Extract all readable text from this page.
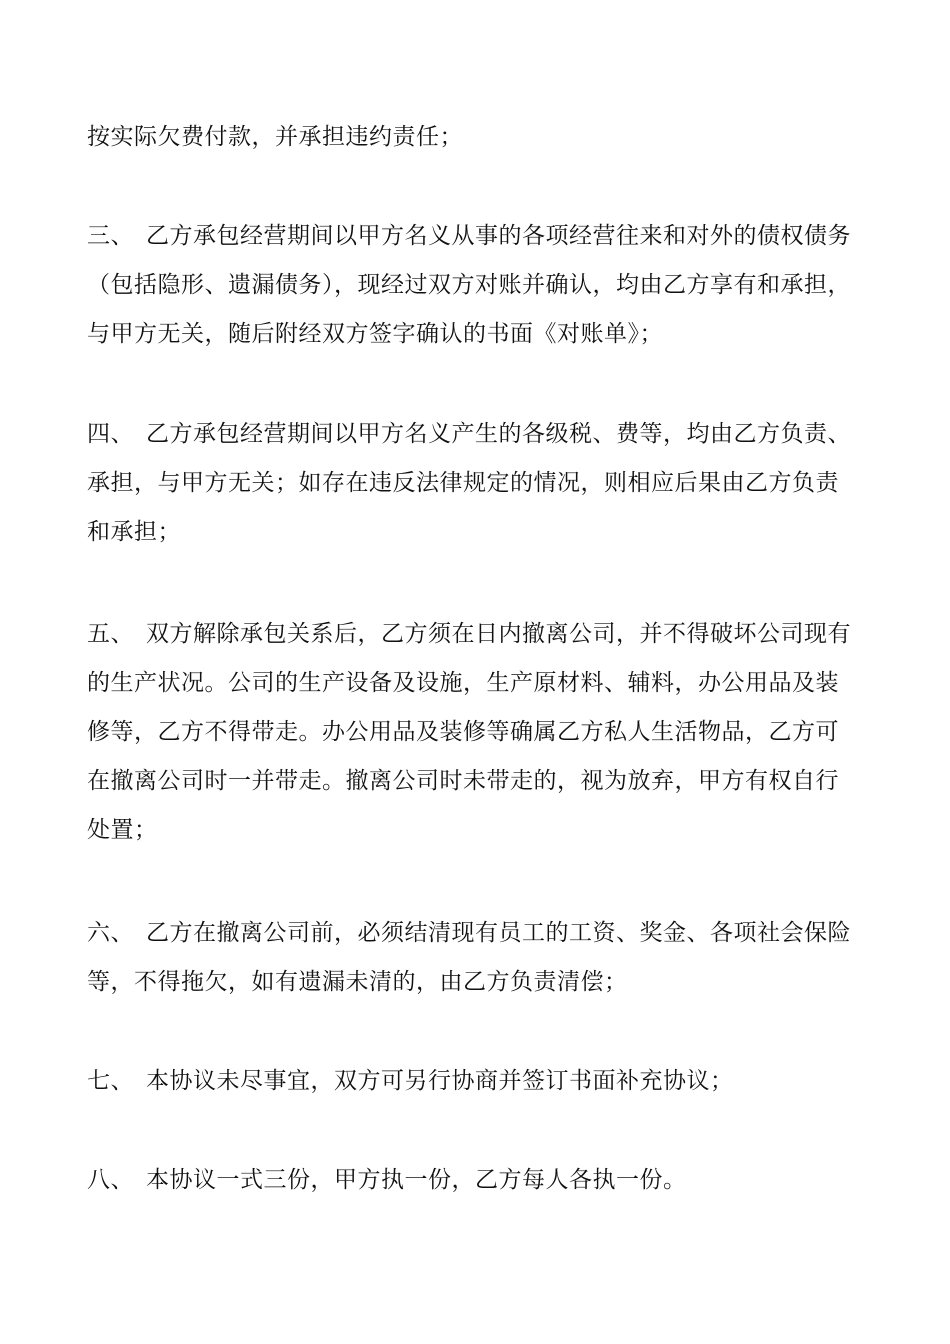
按实际欠费付款，并承担违约责任；
三、 乙方承包经营期间以甲方名义从事的各项经营往来和对外的债权债务
（包括隐形、遗漏债务），现经过双方对账并确认，均由乙方享有和承担，
与甲方无关，随后附经双方签字确认的书面《对账单》；
四、 乙方承包经营期间以甲方名义产生的各级税、费等，均由乙方负责、
承担，与甲方无关；如存在违反法律规定的情况，则相应后果由乙方负责
和承担；
五、 双方解除承包关系后，乙方须在日内撤离公司，并不得破坏公司现有
的生产状况。公司的生产设备及设施，生产原材料、辅料，办公用品及装
修等，乙方不得带走。办公用品及装修等确属乙方私人生活物品，乙方可
在撤离公司时一并带走。撤离公司时未带走的，视为放弃，甲方有权自行
处置；
六、 乙方在撤离公司前，必须结清现有员工的工资、奖金、各项社会保险
等，不得拖欠，如有遗漏未清的，由乙方负责清偿；
七、 本协议未尽事宜，双方可另行协商并签订书面补充协议；
八、 本协议一式三份，甲方执一份，乙方每人各执一份。
